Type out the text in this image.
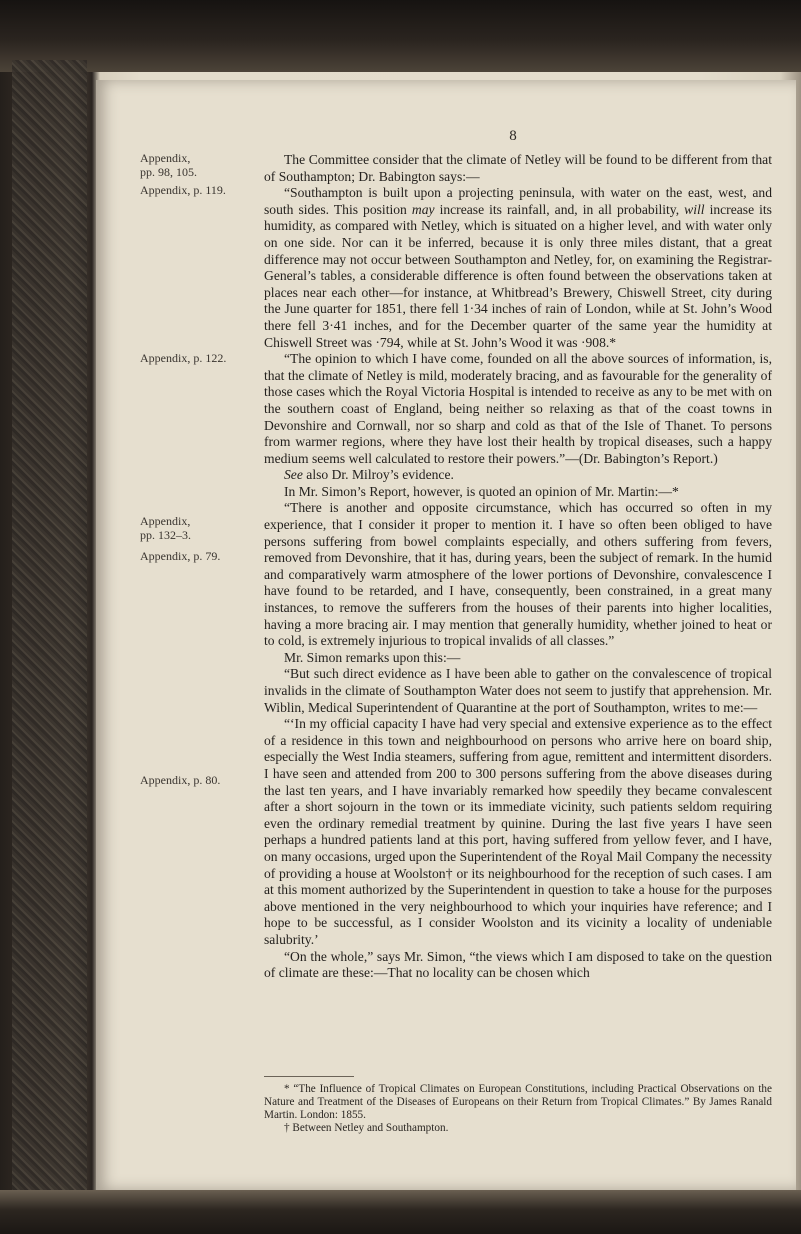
8
Appendix,
pp. 98, 105.
Appendix, p. 119.
Appendix, p. 122.
Appendix,
pp. 132–3.
Appendix, p. 79.
Appendix, p. 80.

The Committee consider that the climate of Netley will be found to be different from that of Southampton; Dr. Babington says:—

“Southampton is built upon a projecting peninsula, with water on the east, west, and south sides. This position may increase its rainfall, and, in all probability, will increase its humidity, as compared with Netley, which is situated on a higher level, and with water only on one side. Nor can it be inferred, because it is only three miles distant, that a great difference may not occur between Southampton and Netley, for, on examining the Registrar-General’s tables, a considerable difference is often found between the observations taken at places near each other—for instance, at Whitbread’s Brewery, Chiswell Street, city during the June quarter for 1851, there fell 1·34 inches of rain of London, while at St. John’s Wood there fell 3·41 inches, and for the December quarter of the same year the humidity at Chiswell Street was ·794, while at St. John’s Wood it was ·908.*

“The opinion to which I have come, founded on all the above sources of information, is, that the climate of Netley is mild, moderately bracing, and as favourable for the generality of those cases which the Royal Victoria Hospital is intended to receive as any to be met with on the southern coast of England, being neither so relaxing as that of the coast towns in Devonshire and Cornwall, nor so sharp and cold as that of the Isle of Thanet. To persons from warmer regions, where they have lost their health by tropical diseases, such a happy medium seems well calculated to restore their powers.”—(Dr. Babington’s Report.)

See also Dr. Milroy’s evidence.

In Mr. Simon’s Report, however, is quoted an opinion of Mr. Martin:—*

“There is another and opposite circumstance, which has occurred so often in my experience, that I consider it proper to mention it. I have so often been obliged to have persons suffering from bowel complaints especially, and others suffering from fevers, removed from Devonshire, that it has, during years, been the subject of remark. In the humid and comparatively warm atmosphere of the lower portions of Devonshire, convalescence I have found to be retarded, and I have, consequently, been constrained, in a great many instances, to remove the sufferers from the houses of their parents into higher localities, having a more bracing air. I may mention that generally humidity, whether joined to heat or to cold, is extremely injurious to tropical invalids of all classes.”

Mr. Simon remarks upon this:—

“But such direct evidence as I have been able to gather on the convalescence of tropical invalids in the climate of Southampton Water does not seem to justify that apprehension. Mr. Wiblin, Medical Superintendent of Quarantine at the port of Southampton, writes to me:—

“‘In my official capacity I have had very special and extensive experience as to the effect of a residence in this town and neighbourhood on persons who arrive here on board ship, especially the West India steamers, suffering from ague, remittent and intermittent disorders. I have seen and attended from 200 to 300 persons suffering from the above diseases during the last ten years, and I have invariably remarked how speedily they became convalescent after a short sojourn in the town or its immediate vicinity, such patients seldom requiring even the ordinary remedial treatment by quinine. During the last five years I have seen perhaps a hundred patients land at this port, having suffered from yellow fever, and I have, on many occasions, urged upon the Superintendent of the Royal Mail Company the necessity of providing a house at Woolston† or its neighbourhood for the reception of such cases. I am at this moment authorized by the Superintendent in question to take a house for the purposes above mentioned in the very neighbourhood to which your inquiries have reference; and I hope to be successful, as I consider Woolston and its vicinity a locality of undeniable salubrity.’

“On the whole,” says Mr. Simon, “the views which I am disposed to take on the question of climate are these:—That no locality can be chosen which

* “The Influence of Tropical Climates on European Constitutions, including Practical Observations on the Nature and Treatment of the Diseases of Europeans on their Return from Tropical Climates.” By James Ranald Martin. London: 1855.

† Between Netley and Southampton.
